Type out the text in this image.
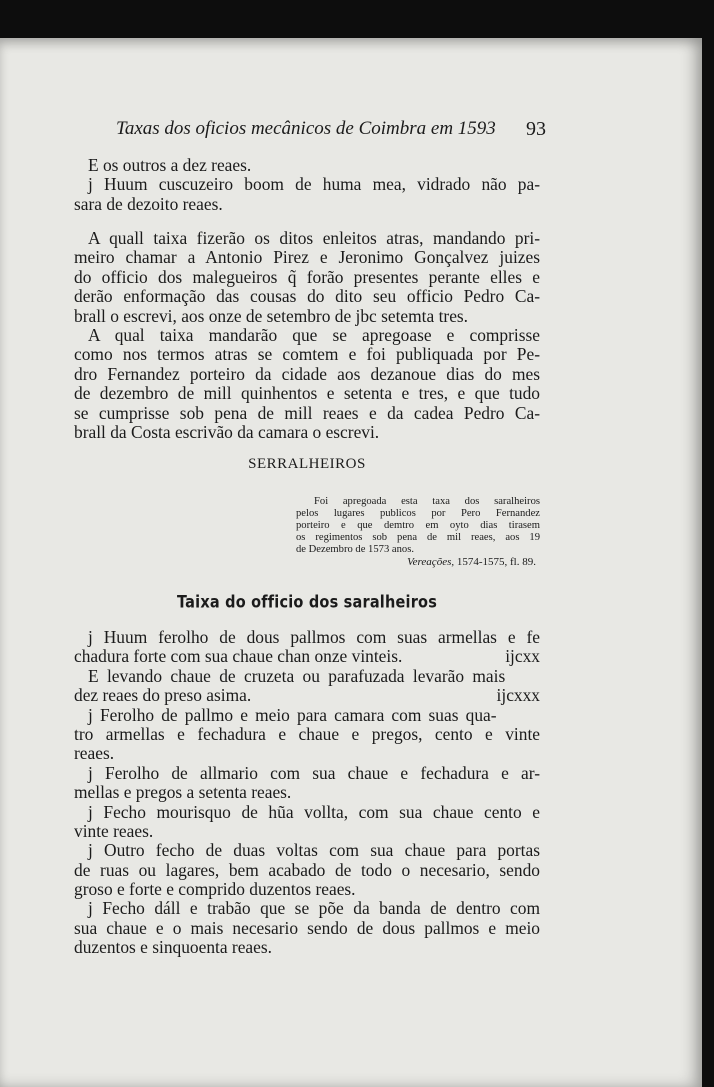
Taxas dos oficios mecânicos de Coimbra em 1593	93
E os outros a dez reaes.
j Huum cuscuzeiro boom de huma mea, vidrado não pa-
sara de dezoito reaes.
A quall taixa fizerão os ditos enleitos atras, mandando pri-
meiro chamar a Antonio Pirez e Jeronimo Gonçalvez juizes
do officio dos malegueiros q̃ forão presentes perante elles e
derão enformação das cousas do dito seu officio Pedro Ca-
brall o escrevi, aos onze de setembro de jbc setemta tres.
A qual taixa mandarão que se apregoase e comprisse
como nos termos atras se comtem e foi publiquada por Pe-
dro Fernandez porteiro da cidade aos dezanoue dias do mes
de dezembro de mill quinhentos e setenta e tres, e que tudo
se cumprisse sob pena de mill reaes e da cadea Pedro Ca-
brall da Costa escrivão da camara o escrevi.
SERRALHEIROS
Foi apregoada esta taxa dos saralheiros
pelos lugares publicos por Pero Fernandez
porteiro e que demtro em oyto dias tirasem
os regimentos sob pena de mil reaes, aos 19
de Dezembro de 1573 anos.
Vereações, 1574-1575, fl. 89.
Taixa do officio dos saralheiros
j Huum ferolho de dous pallmos com suas armellas e fe
ijcxx
chadura forte com sua chaue chan onze vinteis.
E levando chaue de cruzeta ou parafuzada levarão mais
ijcxxx
dez reaes do preso asima.
j Ferolho de pallmo e meio para camara com suas qua-
tro armellas e fechadura e chaue e pregos, cento e vinte
reaes.
j Ferolho de allmario com sua chaue e fechadura e ar-
mellas e pregos a setenta reaes.
j Fecho mourisquo de hũa vollta, com sua chaue cento e
vinte reaes.
j Outro fecho de duas voltas com sua chaue para portas
de ruas ou lagares, bem acabado de todo o necesario, sendo
groso e forte e comprido duzentos reaes.
j Fecho dáll e trabão que se põe da banda de dentro com
sua chaue e o mais necesario sendo de dous pallmos e meio
duzentos e sinquoenta reaes.
